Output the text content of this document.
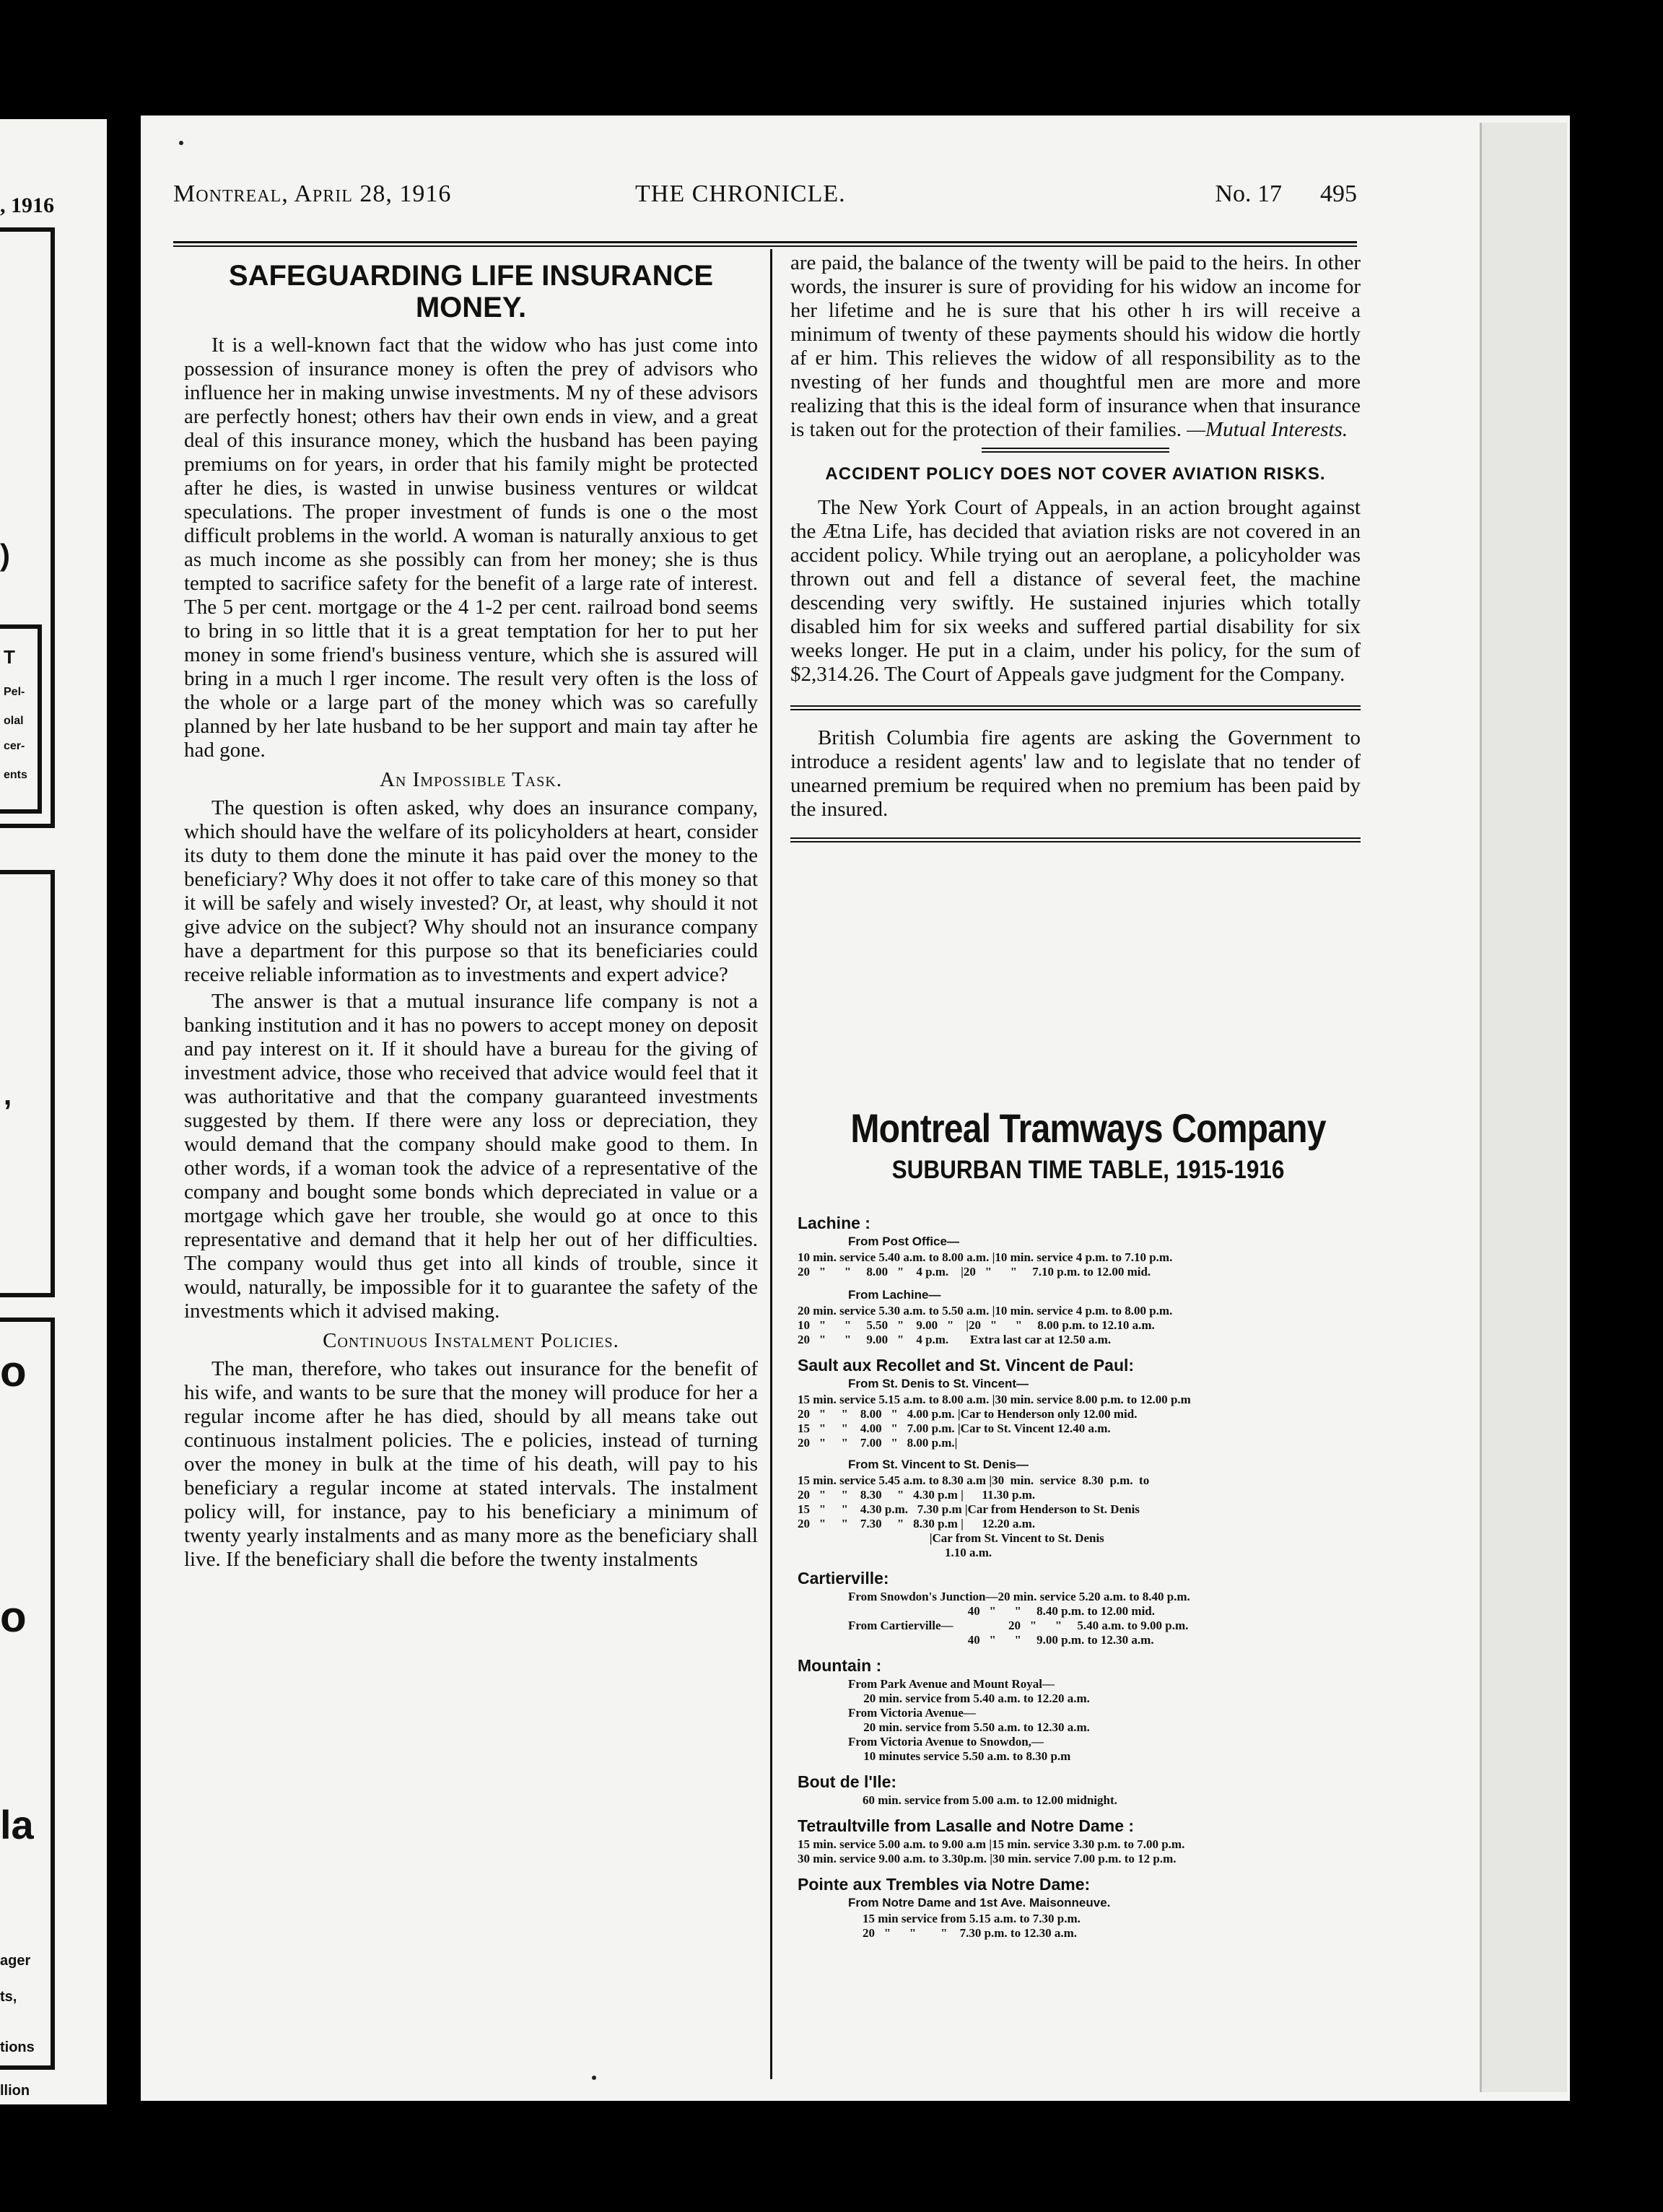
, 1916
)
T
Pel-
olal
cer-
ents
,
o
o
la
ager
ts,
tions
llion
Montreal, April 28, 1916	THE CHRONICLE.	No. 17 495
SAFEGUARDING LIFE INSURANCE MONEY.

It is a well-known fact that the widow who has just come into possession of insurance money is often the prey of advisors who influence her in making unwise investments. M ny of these advisors are perfectly honest; others hav their own ends in view, and a great deal of this insurance money, which the husband has been paying premiums on for years, in order that his family might be protected after he dies, is wasted in unwise business ventures or wildcat speculations. The proper investment of funds is one o the most difficult problems in the world. A woman is naturally anxious to get as much income as she possibly can from her money; she is thus tempted to sacrifice safety for the benefit of a large rate of interest. The 5 per cent. mortgage or the 4 1-2 per cent. railroad bond seems to bring in so little that it is a great temptation for her to put her money in some friend's business venture, which she is assured will bring in a much l rger income. The result very often is the loss of the whole or a large part of the money which was so carefully planned by her late husband to be her support and main tay after he had gone.

An Impossible Task.

The question is often asked, why does an insurance company, which should have the welfare of its policyholders at heart, consider its duty to them done the minute it has paid over the money to the beneficiary? Why does it not offer to take care of this money so that it will be safely and wisely invested? Or, at least, why should it not give advice on the subject? Why should not an insurance company have a department for this purpose so that its beneficiaries could receive reliable information as to investments and expert advice?

The answer is that a mutual insurance life company is not a banking institution and it has no powers to accept money on deposit and pay interest on it. If it should have a bureau for the giving of investment advice, those who received that advice would feel that it was authoritative and that the company guaranteed investments suggested by them. If there were any loss or depreciation, they would demand that the company should make good to them. In other words, if a woman took the advice of a representative of the company and bought some bonds which depreciated in value or a mortgage which gave her trouble, she would go at once to this representative and demand that it help her out of her difficulties. The company would thus get into all kinds of trouble, since it would, naturally, be impossible for it to guarantee the safety of the investments which it advised making.

Continuous Instalment Policies.

The man, therefore, who takes out insurance for the benefit of his wife, and wants to be sure that the money will produce for her a regular income after he has died, should by all means take out continuous instalment policies. The e policies, instead of turning over the money in bulk at the time of his death, will pay to his beneficiary a regular income at stated intervals. The instalment policy will, for instance, pay to his beneficiary a minimum of twenty yearly instalments and as many more as the beneficiary shall live. If the beneficiary shall die before the twenty instalments

are paid, the balance of the twenty will be paid to the heirs. In other words, the insurer is sure of providing for his widow an income for her lifetime and he is sure that his other h irs will receive a minimum of twenty of these payments should his widow die hortly af er him. This relieves the widow of all responsibility as to the nvesting of her funds and thoughtful men are more and more realizing that this is the ideal form of insurance when that insurance is taken out for the protection of their families. —Mutual Interests.

ACCIDENT POLICY DOES NOT COVER AVIATION RISKS.

The New York Court of Appeals, in an action brought against the Ætna Life, has decided that aviation risks are not covered in an accident policy. While trying out an aeroplane, a policyholder was thrown out and fell a distance of several feet, the machine descending very swiftly. He sustained injuries which totally disabled him for six weeks and suffered partial disability for six weeks longer. He put in a claim, under his policy, for the sum of $2,314.26. The Court of Appeals gave judgment for the Company.

British Columbia fire agents are asking the Government to introduce a resident agents' law and to legislate that no tender of unearned premium be required when no premium has been paid by the insured.

Montreal Tramways Company
SUBURBAN TIME TABLE, 1915-1916
Lachine :
From Post Office—
10 min. service 5.40 a.m. to 8.00 a.m. |10 min. service 4 p.m. to 7.10 p.m.
20   "      "     8.00   "    4 p.m.    |20   "      "     7.10 p.m. to 12.00 mid.
From Lachine—
20 min. service 5.30 a.m. to 5.50 a.m. |10 min. service 4 p.m. to 8.00 p.m.
10   "      "     5.50   "    9.00   "    |20   "      "     8.00 p.m. to 12.10 a.m.
20   "      "     9.00   "    4 p.m.       Extra last car at 12.50 a.m.
Sault aux Recollet and St. Vincent de Paul:
From St. Denis to St. Vincent—
15 min. service 5.15 a.m. to 8.00 a.m. |30 min. service 8.00 p.m. to 12.00 p.m
20   "     "    8.00   "   4.00 p.m. |Car to Henderson only 12.00 mid.
15   "     "    4.00   "   7.00 p.m. |Car to St. Vincent 12.40 a.m.
20   "     "    7.00   "   8.00 p.m.|
From St. Vincent to St. Denis—
15 min. service 5.45 a.m. to 8.30 a.m |30  min.  service  8.30  p.m.  to
20   "     "    8.30     "   4.30 p.m |      11.30 p.m.
15   "     "    4.30 p.m.   7.30 p.m |Car from Henderson to St. Denis
20   "     "    7.30     "   8.30 p.m |      12.20 a.m.
|Car from St. Vincent to St. Denis
1.10 a.m.
Cartierville:
From Snowdon's Junction—20 min. service 5.20 a.m. to 8.40 p.m.
40   "      "     8.40 p.m. to 12.00 mid.
From Cartierville—                  20   "      "     5.40 a.m. to 9.00 p.m.
40   "      "     9.00 p.m. to 12.30 a.m.
Mountain :
From Park Avenue and Mount Royal—
20 min. service from 5.40 a.m. to 12.20 a.m.
From Victoria Avenue—
20 min. service from 5.50 a.m. to 12.30 a.m.
From Victoria Avenue to Snowdon,—
10 minutes service 5.50 a.m. to 8.30 p.m
Bout de l'Ile:
60 min. service from 5.00 a.m. to 12.00 midnight.
Tetraultville from Lasalle and Notre Dame :
15 min. service 5.00 a.m. to 9.00 a.m |15 min. service 3.30 p.m. to 7.00 p.m.
30 min. service 9.00 a.m. to 3.30p.m. |30 min. service 7.00 p.m. to 12 p.m.
Pointe aux Trembles via Notre Dame:
From Notre Dame and 1st Ave. Maisonneuve.
15 min service from 5.15 a.m. to 7.30 p.m.
20   "      "        "    7.30 p.m. to 12.30 a.m.
